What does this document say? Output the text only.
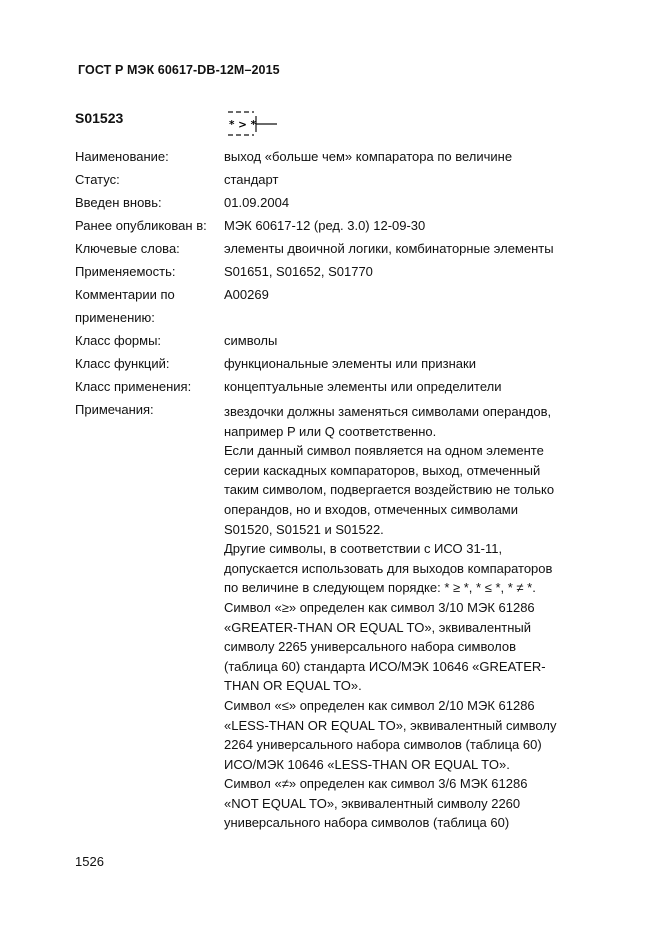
ГОСТ Р МЭК 60617-DB-12M–2015
S01523	* > *
Наименование:	выход «больше чем» компаратора по величине
Статус:	стандарт
Введен вновь:	01.09.2004
Ранее опубликован в: МЭК 60617-12 (ред. 3.0) 12-09-30
Ключевые слова:	элементы двоичной логики, комбинаторные элементы
Применяемость:	S01651, S01652, S01770
Комментарии по
применению:
A00269
Класс формы:	символы
Класс функций:	функциональные элементы или признаки
Класс применения:	концептуальные элементы или определители
Примечания:	звездочки должны заменяться символами операндов,
например P или Q соответственно.
Если данный символ появляется на одном элементе
серии каскадных компараторов, выход, отмеченный
таким символом, подвергается воздействию не только
операндов, но и входов, отмеченных символами
S01520, S01521 и S01522.
Другие символы, в соответствии с ИСО 31-11,
допускается использовать для выходов компараторов
по величине в следующем порядке: * ≥ *, * ≤ *, * ≠ *.
Символ «≥» определен как символ 3/10 МЭК 61286
«GREATER-THAN OR EQUAL TO», эквивалентный
символу 2265 универсального набора символов
(таблица 60) стандарта ИСО/МЭК 10646 «GREATER-
THAN OR EQUAL TO».
Символ «≤» определен как символ 2/10 МЭК 61286
«LESS-THAN OR EQUAL TO», эквивалентный символу
2264 универсального набора символов (таблица 60)
ИСО/МЭК 10646 «LESS-THAN OR EQUAL TO».
Символ «≠» определен как символ 3/6 МЭК 61286
«NOT EQUAL TO», эквивалентный символу 2260
универсального набора символов (таблица 60)
1526
